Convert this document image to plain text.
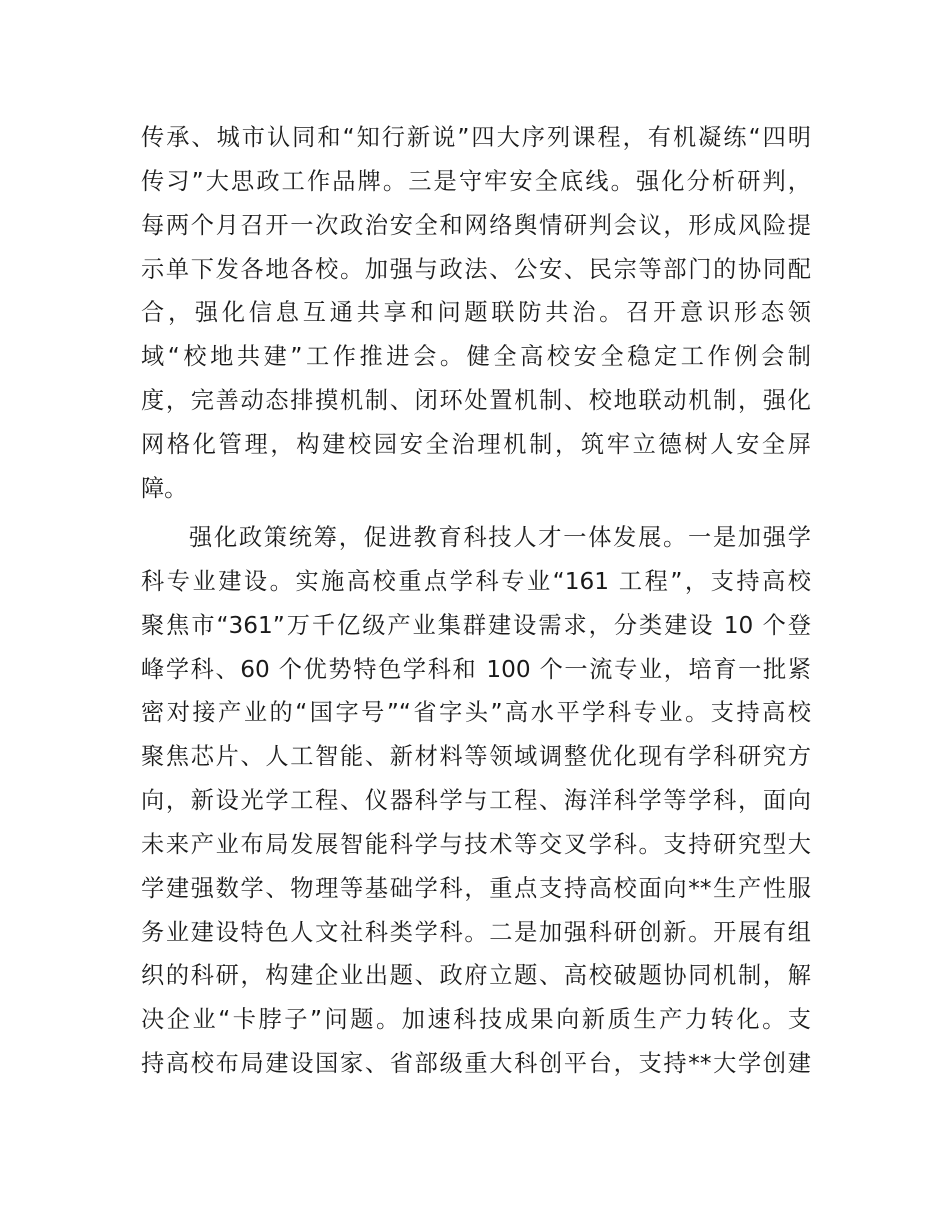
传承、城市认同和“知行新说”四大序列课程，有机凝练“四明
传习”大思政工作品牌。三是守牢安全底线。强化分析研判，
每两个月召开一次政治安全和网络舆情研判会议，形成风险提
示单下发各地各校。加强与政法、公安、民宗等部门的协同配
合，强化信息互通共享和问题联防共治。召开意识形态领
域“校地共建”工作推进会。健全高校安全稳定工作例会制
度，完善动态排摸机制、闭环处置机制、校地联动机制，强化
网格化管理，构建校园安全治理机制，筑牢立德树人安全屏
障。
强化政策统筹，促进教育科技人才一体发展。一是加强学
科专业建设。实施高校重点学科专业“161 工程”，支持高校
聚焦市“361”万千亿级产业集群建设需求，分类建设 10 个登
峰学科、60 个优势特色学科和 100 个一流专业，培育一批紧
密对接产业的“国字号”“省字头”高水平学科专业。支持高校
聚焦芯片、人工智能、新材料等领域调整优化现有学科研究方
向，新设光学工程、仪器科学与工程、海洋科学等学科，面向
未来产业布局发展智能科学与技术等交叉学科。支持研究型大
学建强数学、物理等基础学科，重点支持高校面向**生产性服
务业建设特色人文社科类学科。二是加强科研创新。开展有组
织的科研，构建企业出题、政府立题、高校破题协同机制，解
决企业“卡脖子”问题。加速科技成果向新质生产力转化。支
持高校布局建设国家、省部级重大科创平台，支持**大学创建
